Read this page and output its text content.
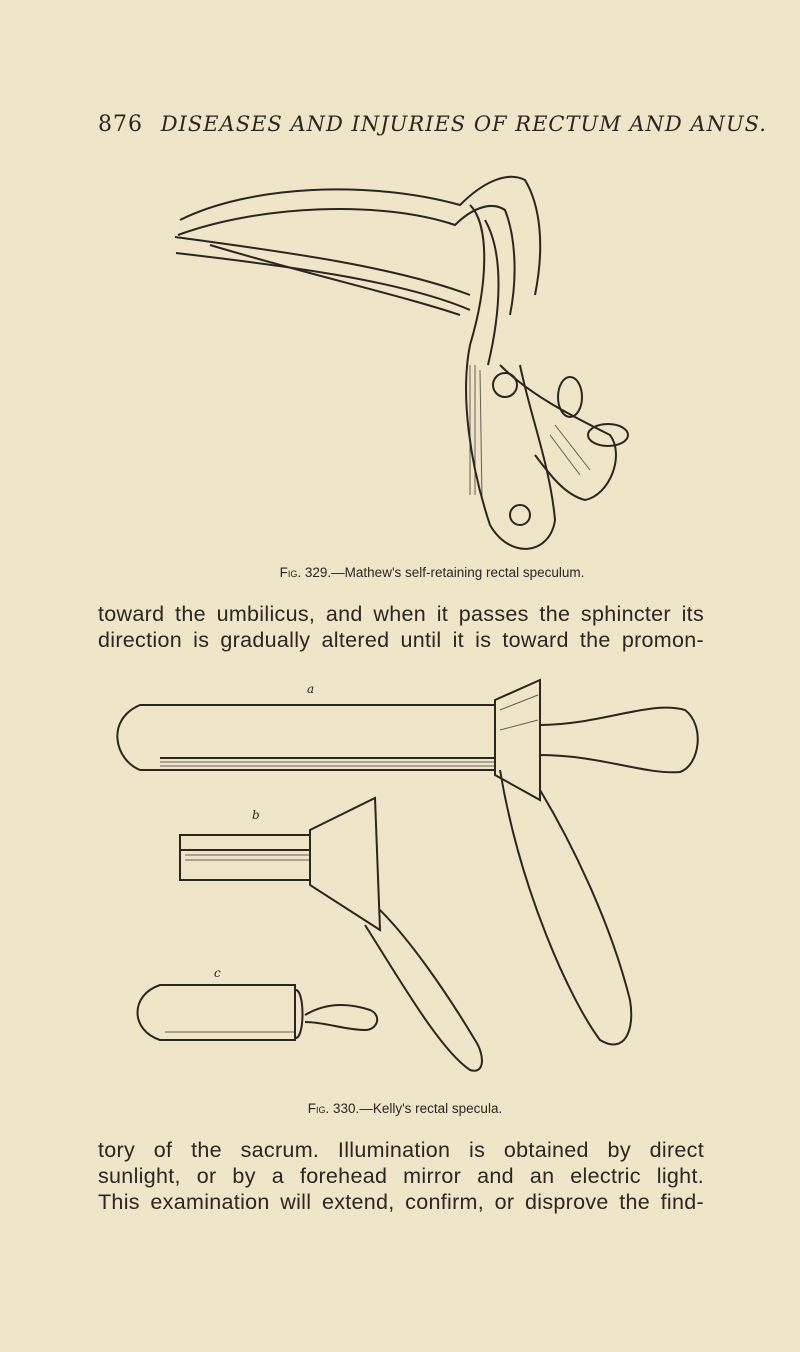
876 DISEASES AND INJURIES OF RECTUM AND ANUS.
Fig. 329.—Mathew's self-retaining rectal speculum.
toward the umbilicus, and when it passes the sphincter its
direction is gradually altered until it is toward the promon-
a
b
c
Fig. 330.—Kelly's rectal specula.
tory of the sacrum. Illumination is obtained by direct
sunlight, or by a forehead mirror and an electric light.
This examination will extend, confirm, or disprove the find-
